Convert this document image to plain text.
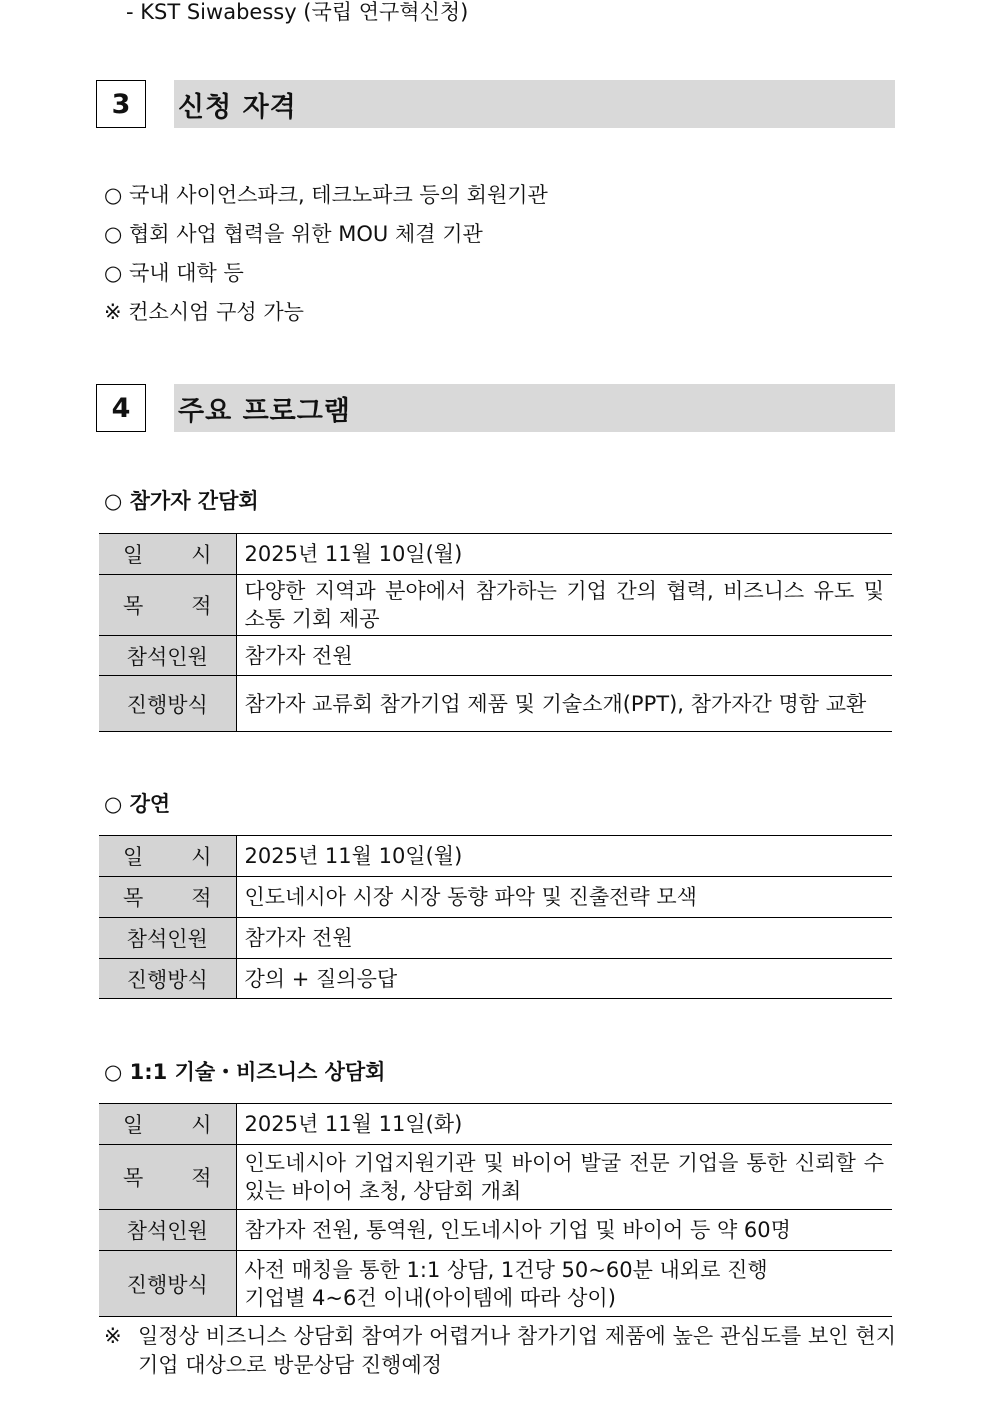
- KST Siwabessy (국립 연구혁신청)
3	신청 자격
○ 국내 사이언스파크, 테크노파크 등의 회원기관
○ 협회 사업 협력을 위한 MOU 체결 기관
○ 국내 대학 등
※ 컨소시엄 구성 가능
4	주요 프로그램
○ 참가자 간담회
일 시	2025년 11월 10일(월)

목 적	다양한 지역과 분야에서 참가하는 기업 간의 협력, 비즈니스 유도 및 소통 기회 제공
참석인원	참가자 전원
진행방식	참가자 교류회 참가기업 제품 및 기술소개(PPT), 참가자간 명함 교환
○ 강연
일 시	2025년 11월 10일(월)

목 적	인도네시아 시장 시장 동향 파악 및 진출전략 모색
참석인원	참가자 전원
진행방식	강의 + 질의응답
○ 1:1 기술・비즈니스 상담회
일 시	2025년 11월 11일(화)

목 적	인도네시아 기업지원기관 및 바이어 발굴 전문 기업을 통한 신뢰할 수 있는 바이어 초청, 상담회 개최
참석인원	참가자 전원, 통역원, 인도네시아 기업 및 바이어 등 약 60명
진행방식	사전 매칭을 통한 1:1 상담, 1건당 50~60분 내외로 진행
기업별 4~6건 이내(아이템에 따라 상이)
※ 일정상 비즈니스 상담회 참여가 어렵거나 참가기업 제품에 높은 관심도를 보인 현지 기업 대상으로 방문상담 진행예정
